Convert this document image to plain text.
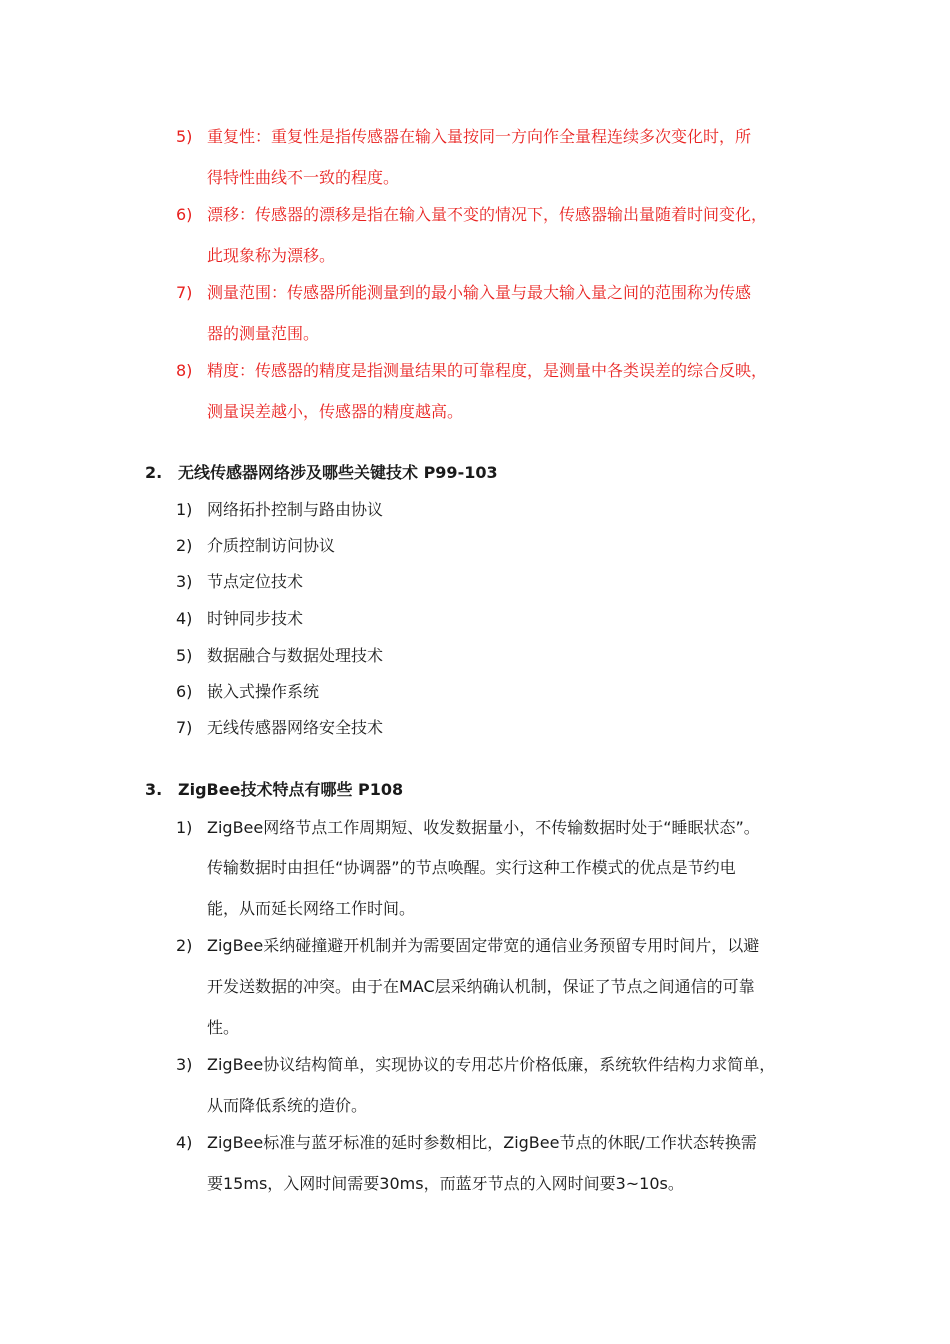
5) 重复性：重复性是指传感器在输入量按同一方向作全量程连续多次变化时，所
得特性曲线不一致的程度。
6) 漂移：传感器的漂移是指在输入量不变的情况下，传感器输出量随着时间变化，
此现象称为漂移。
7) 测量范围：传感器所能测量到的最小输入量与最大输入量之间的范围称为传感
器的测量范围。
8) 精度：传感器的精度是指测量结果的可靠程度，是测量中各类误差的综合反映，
测量误差越小，传感器的精度越高。
2. 无线传感器网络涉及哪些关键技术 P99-103
1) 网络拓扑控制与路由协议
2) 介质控制访问协议
3) 节点定位技术
4) 时钟同步技术
5) 数据融合与数据处理技术
6) 嵌入式操作系统
7) 无线传感器网络安全技术
3. ZigBee技术特点有哪些 P108
1) ZigBee网络节点工作周期短、收发数据量小，不传输数据时处于“睡眠状态”。
传输数据时由担任“协调器”的节点唤醒。实行这种工作模式的优点是节约电
能，从而延长网络工作时间。
2) ZigBee采纳碰撞避开机制并为需要固定带宽的通信业务预留专用时间片，以避
开发送数据的冲突。由于在MAC层采纳确认机制，保证了节点之间通信的可靠
性。
3) ZigBee协议结构简单，实现协议的专用芯片价格低廉，系统软件结构力求简单，
从而降低系统的造价。
4) ZigBee标准与蓝牙标准的延时参数相比，ZigBee节点的休眠/工作状态转换需
要15ms，入网时间需要30ms，而蓝牙节点的入网时间要3~10s。
